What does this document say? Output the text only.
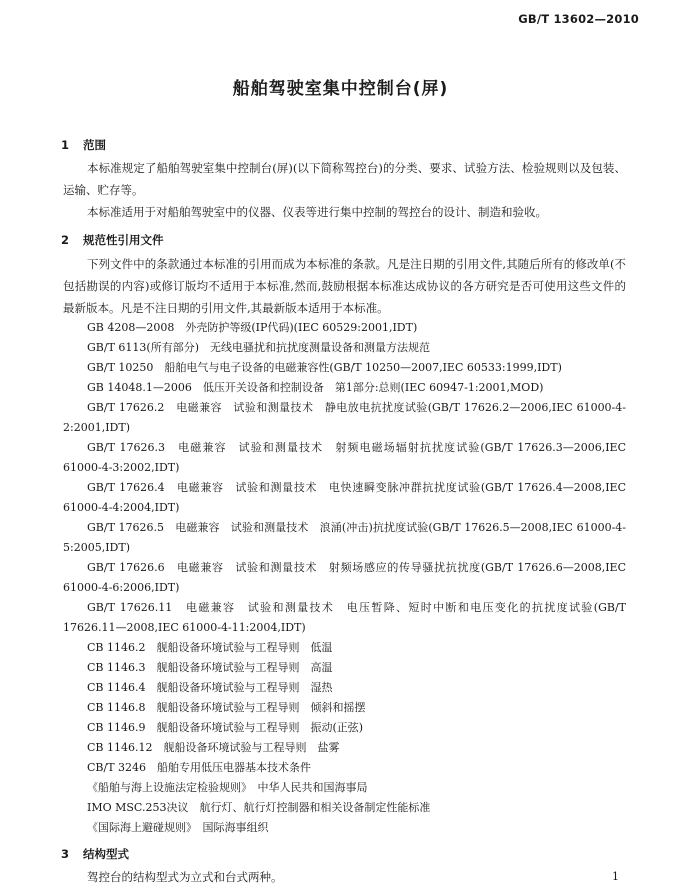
GB/T 13602—2010
船舶驾驶室集中控制台(屏)
1 范围

本标准规定了船舶驾驶室集中控制台(屏)(以下简称驾控台)的分类、要求、试验方法、检验规则以及包装、运输、贮存等。

本标准适用于对船舶驾驶室中的仪器、仪表等进行集中控制的驾控台的设计、制造和验收。

2 规范性引用文件

下列文件中的条款通过本标准的引用而成为本标准的条款。凡是注日期的引用文件,其随后所有的修改单(不包括勘误的内容)或修订版均不适用于本标准,然而,鼓励根据本标准达成协议的各方研究是否可使用这些文件的最新版本。凡是不注日期的引用文件,其最新版本适用于本标准。

GB 4208—2008　外壳防护等级(IP代码)(IEC 60529:2001,IDT)

GB/T 6113(所有部分)　无线电骚扰和抗扰度测量设备和测量方法规范

GB/T 10250　船舶电气与电子设备的电磁兼容性(GB/T 10250—2007,IEC 60533:1999,IDT)

GB 14048.1—2006　低压开关设备和控制设备　第1部分:总则(IEC 60947-1:2001,MOD)

GB/T 17626.2　电磁兼容　试验和测量技术　静电放电抗扰度试验(GB/T 17626.2—2006,IEC 61000-4-2:2001,IDT)

GB/T 17626.3　电磁兼容　试验和测量技术　射频电磁场辐射抗扰度试验(GB/T 17626.3—2006,IEC 61000-4-3:2002,IDT)

GB/T 17626.4　电磁兼容　试验和测量技术　电快速瞬变脉冲群抗扰度试验(GB/T 17626.4—2008,IEC 61000-4-4:2004,IDT)

GB/T 17626.5　电磁兼容　试验和测量技术　浪涌(冲击)抗扰度试验(GB/T 17626.5—2008,IEC 61000-4-5:2005,IDT)

GB/T 17626.6　电磁兼容　试验和测量技术　射频场感应的传导骚扰抗扰度(GB/T 17626.6—2008,IEC 61000-4-6:2006,IDT)

GB/T 17626.11　电磁兼容　试验和测量技术　电压暂降、短时中断和电压变化的抗扰度试验(GB/T 17626.11—2008,IEC 61000-4-11:2004,IDT)

CB 1146.2　舰船设备环境试验与工程导则　低温

CB 1146.3　舰船设备环境试验与工程导则　高温

CB 1146.4　舰船设备环境试验与工程导则　湿热

CB 1146.8　舰船设备环境试验与工程导则　倾斜和摇摆

CB 1146.9　舰船设备环境试验与工程导则　振动(正弦)

CB 1146.12　舰船设备环境试验与工程导则　盐雾

CB/T 3246　船舶专用低压电器基本技术条件

《船舶与海上设施法定检验规则》　中华人民共和国海事局

IMO MSC.253决议　航行灯、航行灯控制器和相关设备制定性能标准

《国际海上避碰规则》　国际海事组织

1
3 结构型式

驾控台的结构型式为立式和台式两种。
